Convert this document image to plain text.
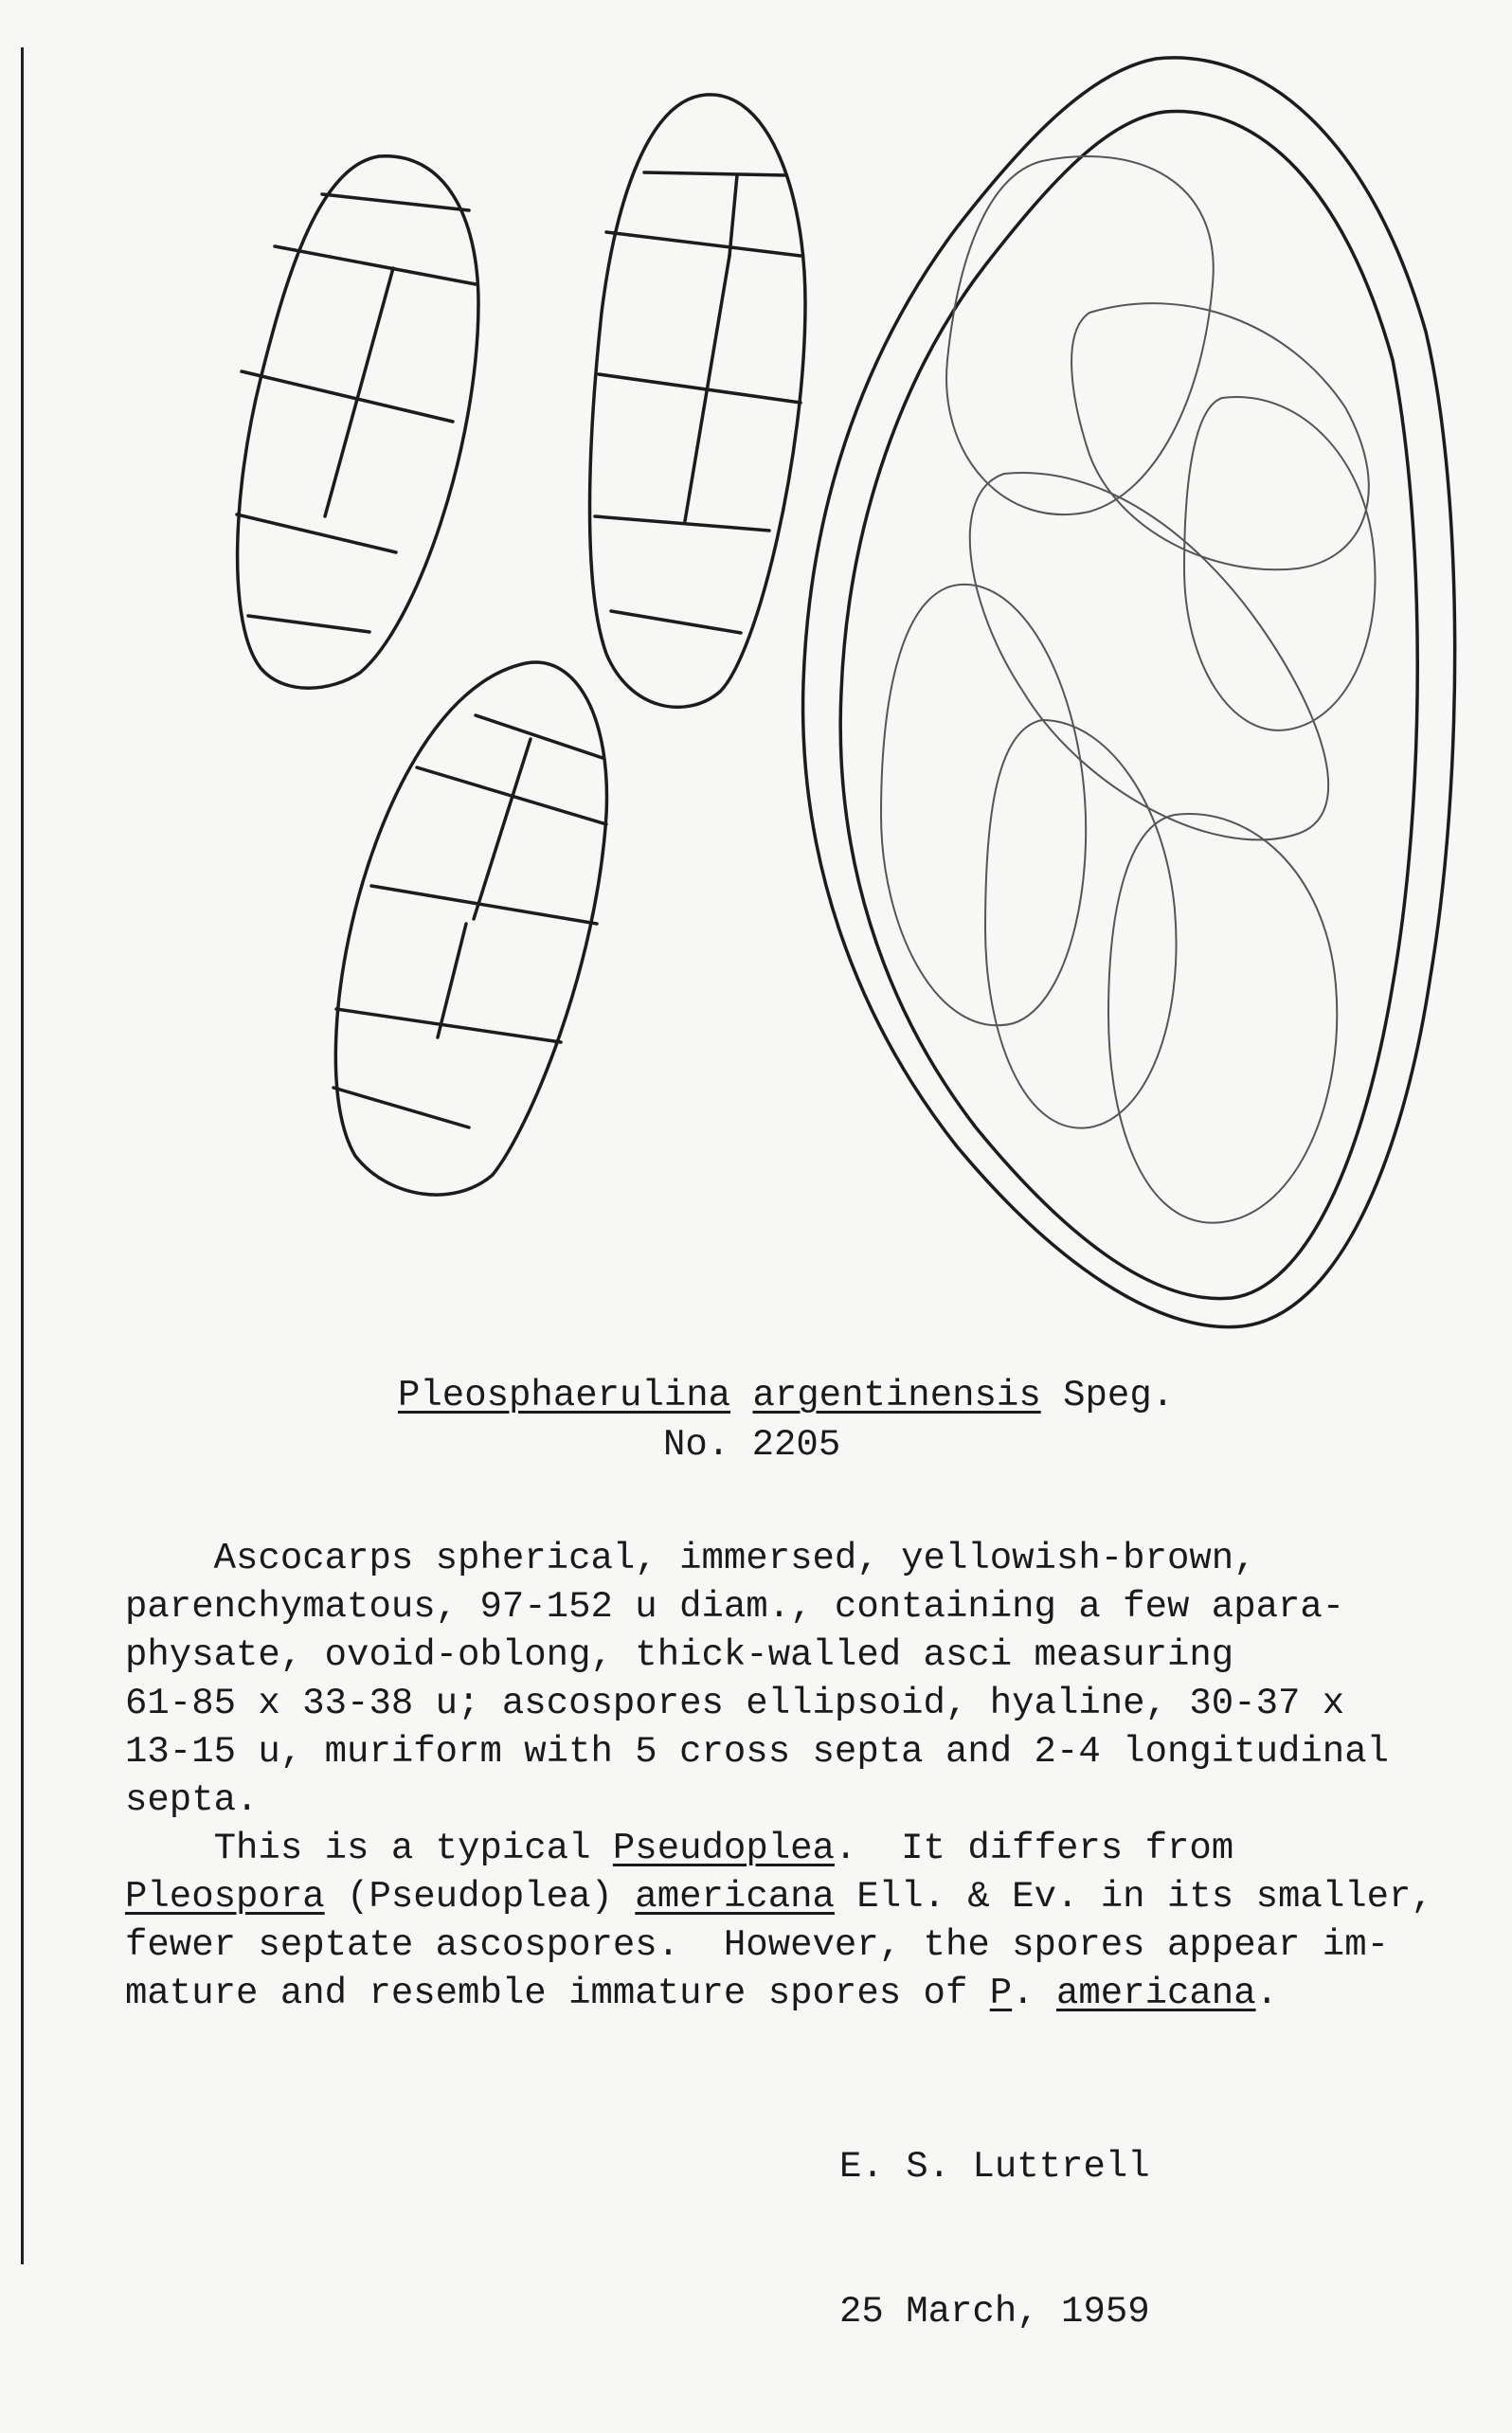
Pleosphaerulina argentinensis Speg.
No. 2205
Ascocarps spherical, immersed, yellowish-brown,
parenchymatous, 97-152 u diam., containing a few apara-
physate, ovoid-oblong, thick-walled asci measuring
61-85 x 33-38 u; ascospores ellipsoid, hyaline, 30-37 x
13-15 u, muriform with 5 cross septa and 2-4 longitudinal
septa.
This is a typical Pseudoplea.  It differs from
Pleospora (Pseudoplea) americana Ell. & Ev. in its smaller,
fewer septate ascospores.  However, the spores appear im-
mature and resemble immature spores of P. americana.

E. S. Luttrell

25 March, 1959
